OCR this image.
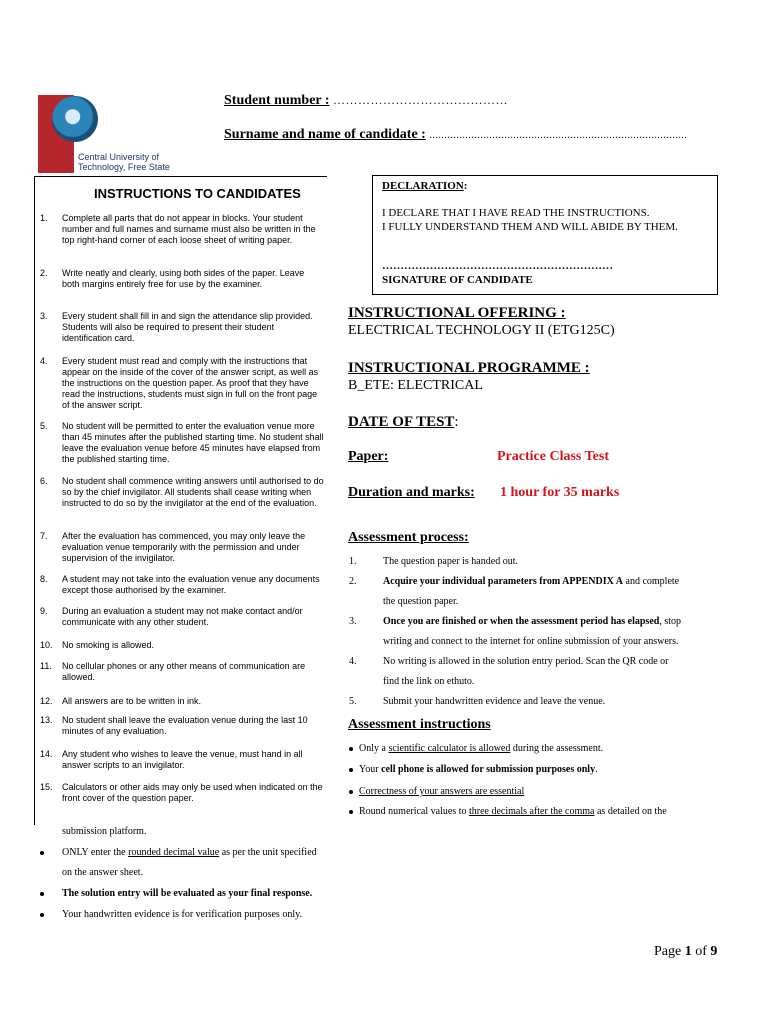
Central University of
Technology, Free State
Student number : ……………………………………
Surname and name of candidate : ......................................................................................
INSTRUCTIONS TO CANDIDATES
1.	Complete all parts that do not appear in blocks. Your student number and full names and surname must also be written in the top right-hand corner of each loose sheet of writing paper.
2.	Write neatly and clearly, using both sides of the paper. Leave both margins entirely free for use by the examiner.
3.	Every student shall fill in and sign the attendance slip provided. Students will also be required to present their student identification card.
4.	Every student must read and comply with the instructions that appear on the inside of the cover of the answer script, as well as the instructions on the question paper. As proof that they have read the instructions, students must sign in full on the front page of the answer script.
5.	No student will be permitted to enter the evaluation venue more than 45 minutes after the published starting time. No student shall leave the evaluation venue before 45 minutes have elapsed from the published starting time.
6.	No student shall commence writing answers until authorised to do so by the chief invigilator. All students shall cease writing when instructed to do so by the invigilator at the end of the evaluation.
7.	After the evaluation has commenced, you may only leave the evaluation venue temporarily with the permission and under supervision of the invigilator.
8.	A student may not take into the evaluation venue any documents except those authorised by the examiner.
9.	During an evaluation a student may not make contact and/or communicate with any other student.
10.	No smoking is allowed.
11.	No cellular phones or any other means of communication are allowed.
12.	All answers are to be written in ink.
13.	No student shall leave the evaluation venue during the last 10 minutes of any evaluation.
14.	Any student who wishes to leave the venue, must hand in all answer scripts to an invigilator.
15.	Calculators or other aids may only be used when indicated on the front cover of the question paper.
DECLARATION:
I DECLARE THAT I HAVE READ THE INSTRUCTIONS.
I FULLY UNDERSTAND THEM AND WILL ABIDE BY THEM.
………………………………………………………
SIGNATURE OF CANDIDATE
INSTRUCTIONAL OFFERING :
ELECTRICAL TECHNOLOGY II (ETG125C)
INSTRUCTIONAL PROGRAMME :
B_ETE: ELECTRICAL
DATE OF TEST:
Paper:	Practice Class Test
Duration and marks: 1 hour for 35 marks
Assessment process:
1.	The question paper is handed out.
2.	Acquire your individual parameters from APPENDIX A and complete
the question paper.
3.	Once you are finished or when the assessment period has elapsed, stop
writing and connect to the internet for online submission of your answers.
4.	No writing is allowed in the solution entry period. Scan the QR code or
find the link on ethuto.
5.	Submit your handwritten evidence and leave the venue.
Assessment instructions
Only a scientific calculator is allowed during the assessment.
Your cell phone is allowed for submission purposes only.
Correctness of your answers are essential
Round numerical values to three decimals after the comma as detailed on the
submission platform.
ONLY enter the rounded decimal value as per the unit specified
on the answer sheet.
The solution entry will be evaluated as your final response.
Your handwritten evidence is for verification purposes only.
Page 1 of 9
